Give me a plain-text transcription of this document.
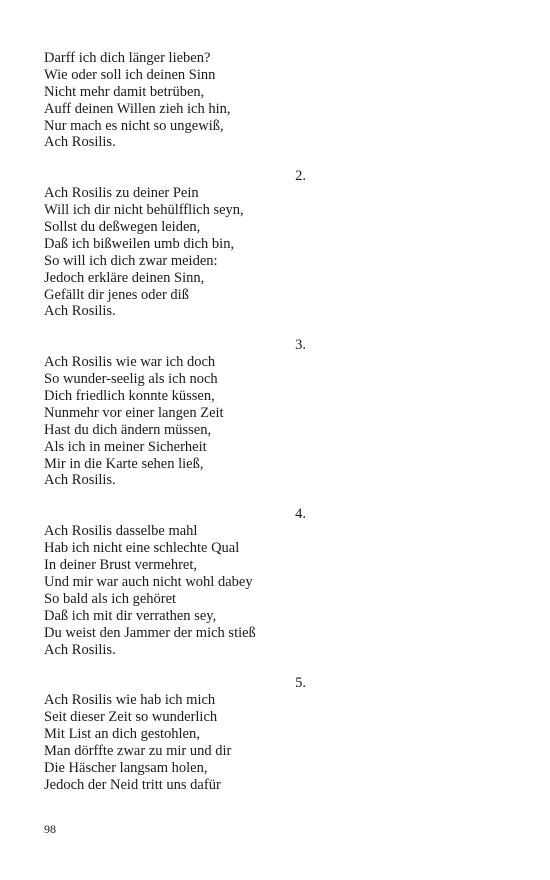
Darff ich dich länger lieben?
Wie oder soll ich deinen Sinn
Nicht mehr damit betrüben,
Auff deinen Willen zieh ich hin,
Nur mach es nicht so ungewiß,
Ach Rosilis.
2.
Ach Rosilis zu deiner Pein
Will ich dir nicht behülfflich seyn,
Sollst du deßwegen leiden,
Daß ich bißweilen umb dich bin,
So will ich dich zwar meiden:
Jedoch erkläre deinen Sinn,
Gefällt dir jenes oder diß
Ach Rosilis.
3.
Ach Rosilis wie war ich doch
So wunder-seelig als ich noch
Dich friedlich konnte küssen,
Nunmehr vor einer langen Zeit
Hast du dich ändern müssen,
Als ich in meiner Sicherheit
Mir in die Karte sehen ließ,
Ach Rosilis.
4.
Ach Rosilis dasselbe mahl
Hab ich nicht eine schlechte Qual
In deiner Brust vermehret,
Und mir war auch nicht wohl dabey
So bald als ich gehöret
Daß ich mit dir verrathen sey,
Du weist den Jammer der mich stieß
Ach Rosilis.
5.
Ach Rosilis wie hab ich mich
Seit dieser Zeit so wunderlich
Mit List an dich gestohlen,
Man dörffte zwar zu mir und dir
Die Häscher langsam holen,
Jedoch der Neid tritt uns dafür
98
